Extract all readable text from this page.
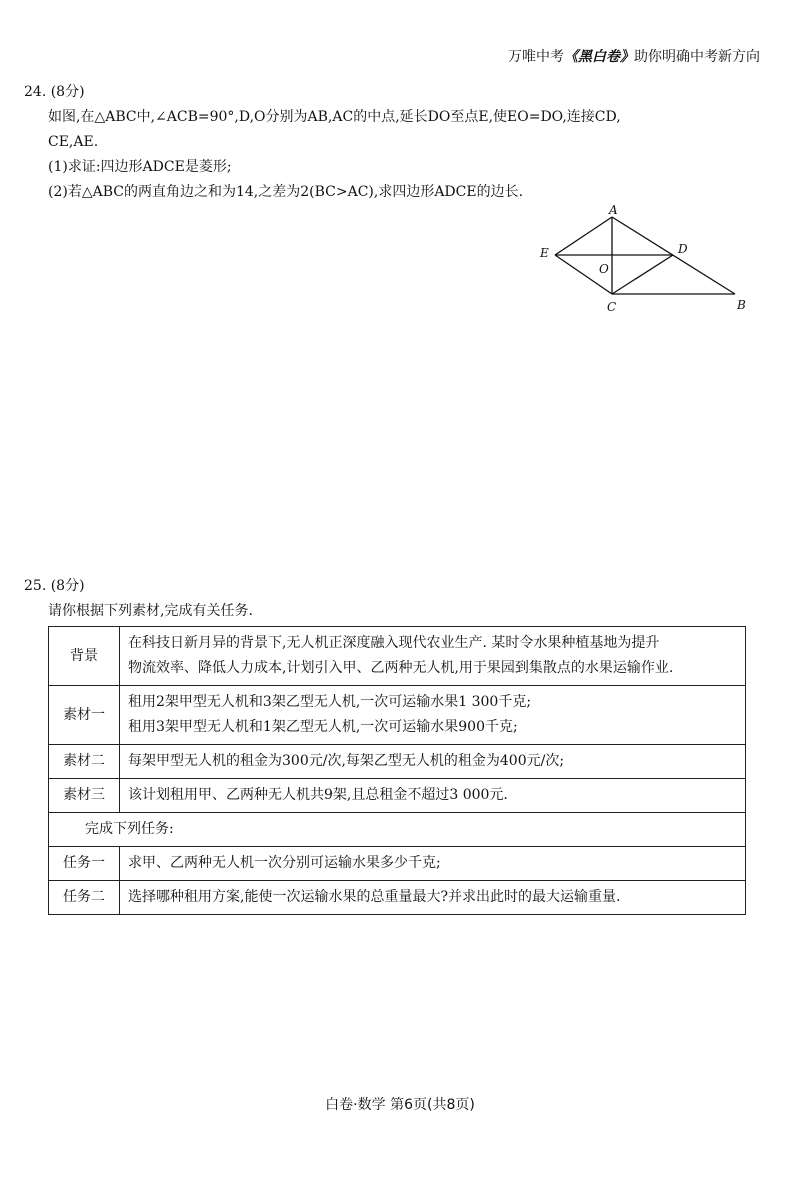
万唯中考《黑白卷》助你明确中考新方向
24. (8分)
如图,在△ABC中,∠ACB=90°,D,O分别为AB,AC的中点,延长DO至点E,使EO=DO,连接CD,
CE,AE.
(1)求证:四边形ADCE是菱形;
(2)若△ABC的两直角边之和为14,之差为2(BC>AC),求四边形ADCE的边长.
A
E	D
O
C	B
25. (8分)
请你根据下列素材,完成有关任务.
背景	在科技日新月异的背景下,无人机正深度融入现代农业生产. 某时令水果种植基地为提升
物流效率、降低人力成本,计划引入甲、乙两种无人机,用于果园到集散点的水果运输作业.

素材一	租用2架甲型无人机和3架乙型无人机,一次可运输水果1 300千克;
租用3架甲型无人机和1架乙型无人机,一次可运输水果900千克;

素材二	每架甲型无人机的租金为300元/次,每架乙型无人机的租金为400元/次;
素材三	该计划租用甲、乙两种无人机共9架,且总租金不超过3 000元.
完成下列任务:	
任务一	求甲、乙两种无人机一次分别可运输水果多少千克;
任务二	选择哪种租用方案,能使一次运输水果的总重量最大?并求出此时的最大运输重量.
白卷·数学 第6页(共8页)
